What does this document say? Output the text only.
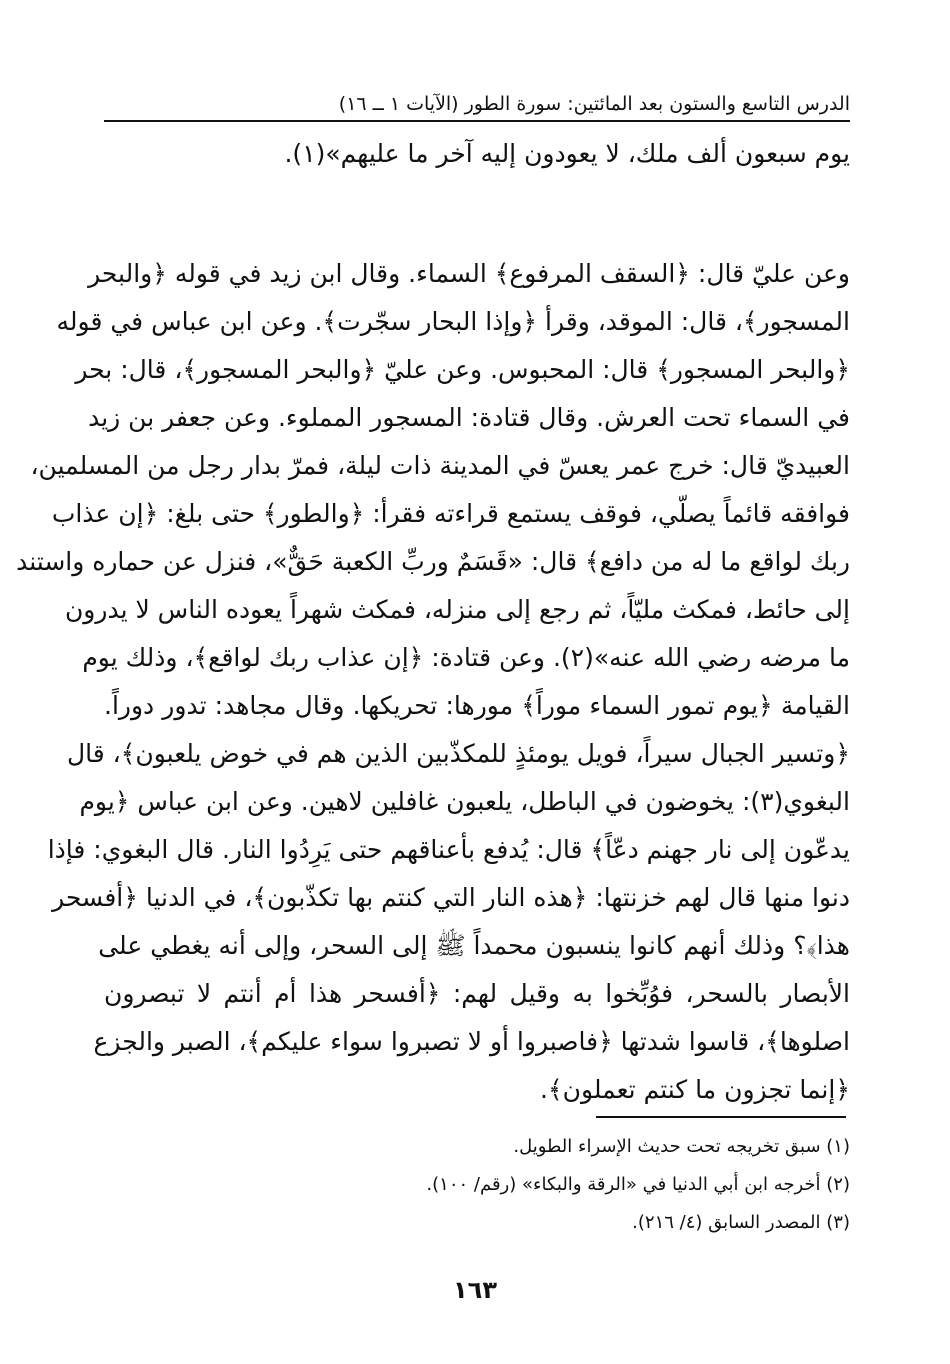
الدرس التاسع والستون بعد المائتين: سورة الطور (الآيات ١ ــ ١٦)
يوم سبعون ألف ملك، لا يعودون إليه آخر ما عليهم»(١).
وعن عليّ قال: ﴿السقف المرفوع﴾ السماء. وقال ابن زيد في قوله ﴿والبحر
المسجور﴾، قال: الموقد، وقرأ ﴿وإذا البحار سجّرت﴾. وعن ابن عباس في قوله
﴿والبحر المسجور﴾ قال: المحبوس. وعن عليّ ﴿والبحر المسجور﴾، قال: بحر
في السماء تحت العرش. وقال قتادة: المسجور المملوء. وعن جعفر بن زيد
العبيديّ قال: خرج عمر يعسّ في المدينة ذات ليلة، فمرّ بدار رجل من المسلمين،
فوافقه قائماً يصلّي، فوقف يستمع قراءته فقرأ: ﴿والطور﴾ حتى بلغ: ﴿إن عذاب
ربك لواقع ما له من دافع﴾ قال: «قَسَمٌ وربِّ الكعبة حَقٌّ»، فنزل عن حماره واستند
إلى حائط، فمكث مليّاً، ثم رجع إلى منزله، فمكث شهراً يعوده الناس لا يدرون
ما مرضه رضي الله عنه»(٢). وعن قتادة: ﴿إن عذاب ربك لواقع﴾، وذلك يوم
القيامة ﴿يوم تمور السماء موراً﴾ مورها: تحريكها. وقال مجاهد: تدور دوراً.
﴿وتسير الجبال سيراً، فويل يومئذٍ للمكذّبين الذين هم في خوض يلعبون﴾، قال
البغوي(٣): يخوضون في الباطل، يلعبون غافلين لاهين. وعن ابن عباس ﴿يوم
يدعّون إلى نار جهنم دعّاً﴾ قال: يُدفع بأعناقهم حتى يَرِدُوا النار. قال البغوي: فإذا
دنوا منها قال لهم خزنتها: ﴿هذه النار التي كنتم بها تكذّبون﴾، في الدنيا ﴿أفسحر
هذا﴾؟ وذلك أنهم كانوا ينسبون محمداً ﷺ إلى السحر، وإلى أنه يغطي على
الأبصار بالسحر، فوُبِّخوا به وقيل لهم: ﴿أفسحر هذا أم أنتم لا تبصرون
اصلوها﴾، قاسوا شدتها ﴿فاصبروا أو لا تصبروا سواء عليكم﴾، الصبر والجزع
﴿إنما تجزون ما كنتم تعملون﴾.
(١) سبق تخريجه تحت حديث الإسراء الطويل.
(٢) أخرجه ابن أبي الدنيا في «الرقة والبكاء» (رقم/ ١٠٠).
(٣) المصدر السابق (٤/ ٢١٦).
١٦٣
